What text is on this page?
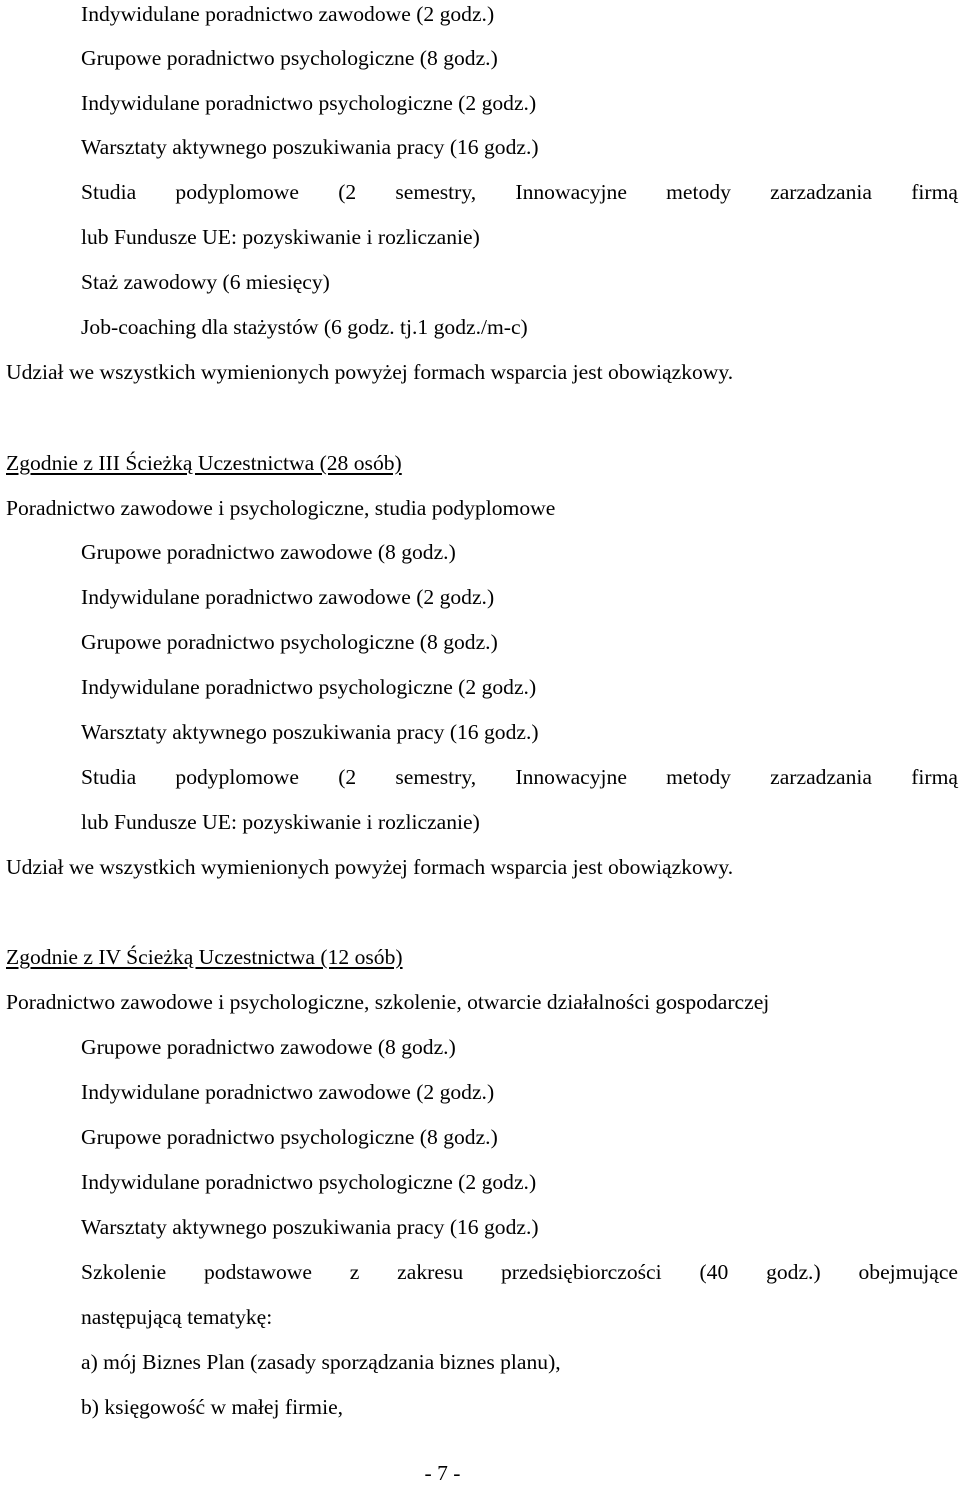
Indywidulane poradnictwo zawodowe (2 godz.)
Grupowe poradnictwo psychologiczne (8 godz.)
Indywidulane poradnictwo psychologiczne (2 godz.)
Warsztaty aktywnego poszukiwania pracy (16 godz.)
Studia podyplomowe (2 semestry, Innowacyjne metody zarzadzania firmą
lub Fundusze UE: pozyskiwanie i rozliczanie)
Staż zawodowy (6 miesięcy)
Job-coaching dla stażystów (6 godz. tj.1 godz./m-c)
Udział we wszystkich wymienionych powyżej formach wsparcia jest obowiązkowy.
Zgodnie z III Ścieżką Uczestnictwa (28 osób)
Poradnictwo zawodowe i psychologiczne, studia podyplomowe
Grupowe poradnictwo zawodowe (8 godz.)
Indywidulane poradnictwo zawodowe (2 godz.)
Grupowe poradnictwo psychologiczne (8 godz.)
Indywidulane poradnictwo psychologiczne (2 godz.)
Warsztaty aktywnego poszukiwania pracy (16 godz.)
Studia podyplomowe (2 semestry, Innowacyjne metody zarzadzania firmą
lub Fundusze UE: pozyskiwanie i rozliczanie)
Udział we wszystkich wymienionych powyżej formach wsparcia jest obowiązkowy.
Zgodnie z IV Ścieżką Uczestnictwa (12 osób)
Poradnictwo zawodowe i psychologiczne, szkolenie, otwarcie działalności gospodarczej
Grupowe poradnictwo zawodowe (8 godz.)
Indywidulane poradnictwo zawodowe (2 godz.)
Grupowe poradnictwo psychologiczne (8 godz.)
Indywidulane poradnictwo psychologiczne (2 godz.)
Warsztaty aktywnego poszukiwania pracy (16 godz.)
Szkolenie podstawowe z zakresu przedsiębiorczości (40 godz.) obejmujące
następującą tematykę:
a) mój Biznes Plan (zasady sporządzania biznes planu),
b) księgowość w małej firmie,
- 7 -
